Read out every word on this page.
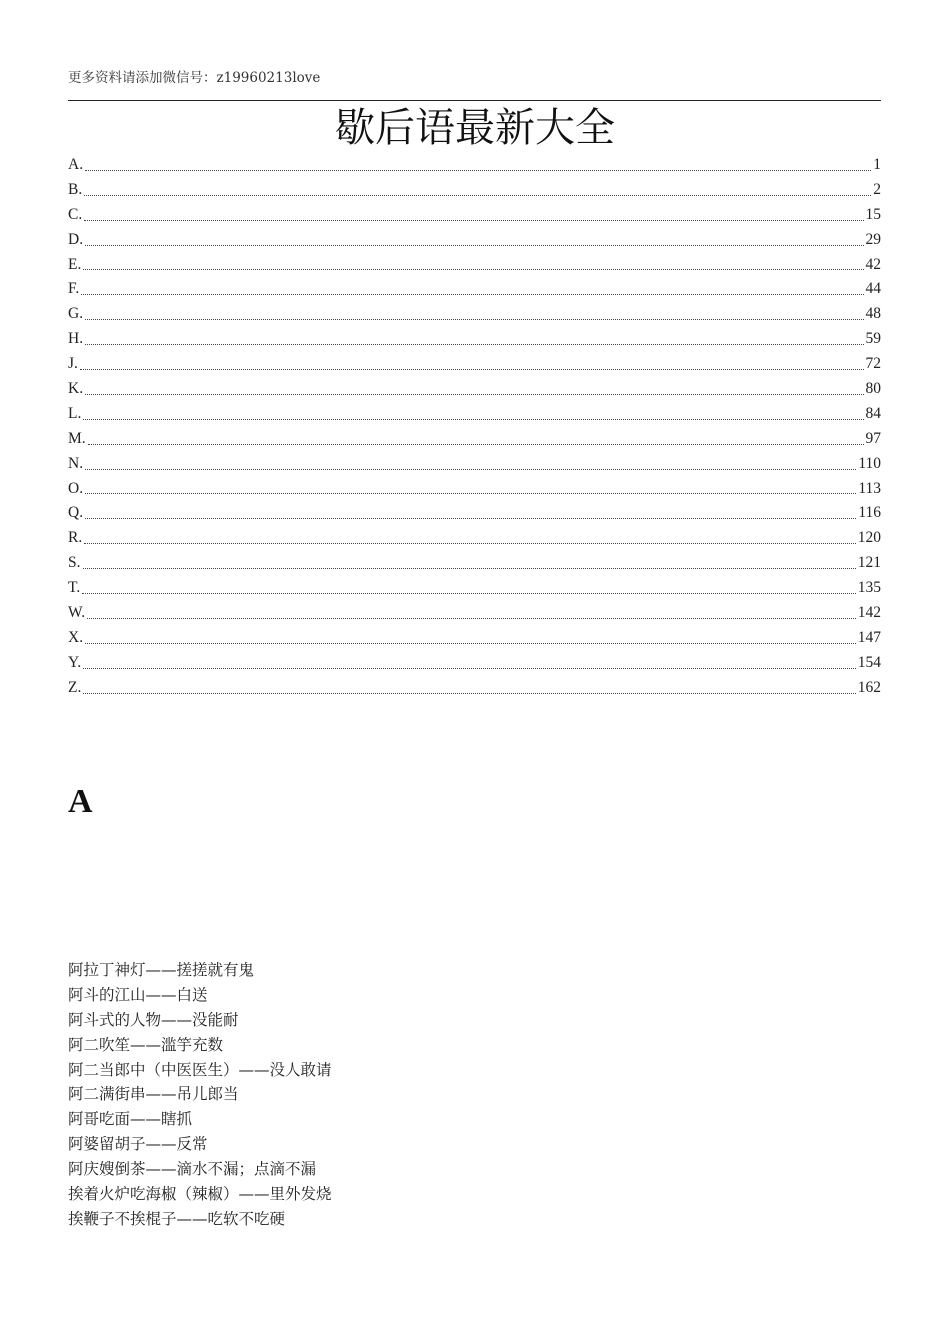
更多资料请添加微信号：z19960213love
歇后语最新大全
A.	1
B.	2
C.	15
D.	29
E.	42
F.	44
G.	48
H.	59
J.	72
K.	80
L.	84
M.	97
N.	110
O.	113
Q.	116
R.	120
S.	121
T.	135
W.	142
X.	147
Y.	154
Z.	162
A
阿拉丁神灯——搓搓就有鬼
阿斗的江山——白送
阿斗式的人物——没能耐
阿二吹笙——滥竽充数
阿二当郎中（中医医生）——没人敢请
阿二满街串——吊儿郎当
阿哥吃面——瞎抓
阿婆留胡子——反常
阿庆嫂倒茶——滴水不漏；点滴不漏
挨着火炉吃海椒（辣椒）——里外发烧
挨鞭子不挨棍子——吃软不吃硬
